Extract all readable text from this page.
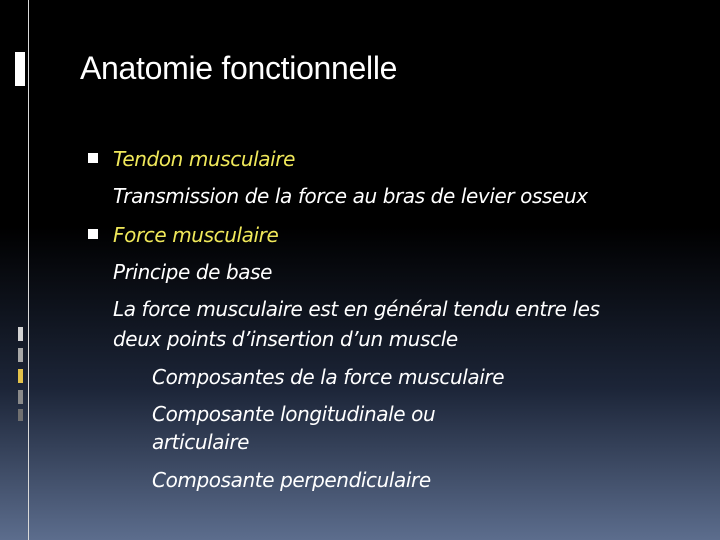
Anatomie fonctionnelle
Tendon musculaire
Transmission de la force au bras de levier osseux
Force musculaire
Principe de base
La force musculaire est en général tendu entre les
deux points d’insertion d’un muscle
Composantes de la force musculaire
Composante longitudinale ou
articulaire
Composante perpendiculaire
